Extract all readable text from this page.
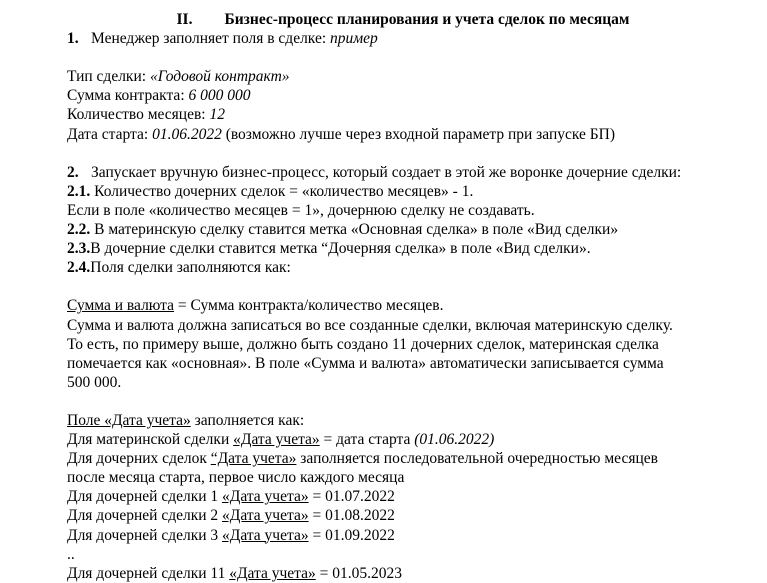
II. Бизнес-процесс планирования и учета сделок по месяцам
1. Менеджер заполняет поля в сделке: пример
Тип сделки: «Годовой контракт»
Сумма контракта: 6 000 000
Количество месяцев: 12
Дата старта: 01.06.2022 (возможно лучше через входной параметр при запуске БП)
2. Запускает вручную бизнес-процесс, который создает в этой же воронке дочерние сделки:
2.1. Количество дочерних сделок = «количество месяцев» - 1.
Если в поле «количество месяцев = 1», дочернюю сделку не создавать.
2.2. В материнскую сделку ставится метка «Основная сделка» в поле «Вид сделки»
2.3.В дочерние сделки ставится метка “Дочерняя сделка» в поле «Вид сделки».
2.4.Поля сделки заполняются как:
Сумма и валюта = Сумма контракта/количество месяцев.
Сумма и валюта должна записаться во все созданные сделки, включая материнскую сделку.
То есть, по примеру выше, должно быть создано 11 дочерних сделок, материнская сделка
помечается как «основная». В поле «Сумма и валюта» автоматически записывается сумма
500 000.
Поле «Дата учета» заполняется как:
Для материнской сделки «Дата учета» = дата старта (01.06.2022)
Для дочерних сделок “Дата учета» заполняется последовательной очередностью месяцев
после месяца старта, первое число каждого месяца
Для дочерней сделки 1 «Дата учета» = 01.07.2022
Для дочерней сделки 2 «Дата учета» = 01.08.2022
Для дочерней сделки 3 «Дата учета» = 01.09.2022
..
Для дочерней сделки 11 «Дата учета» = 01.05.2023
